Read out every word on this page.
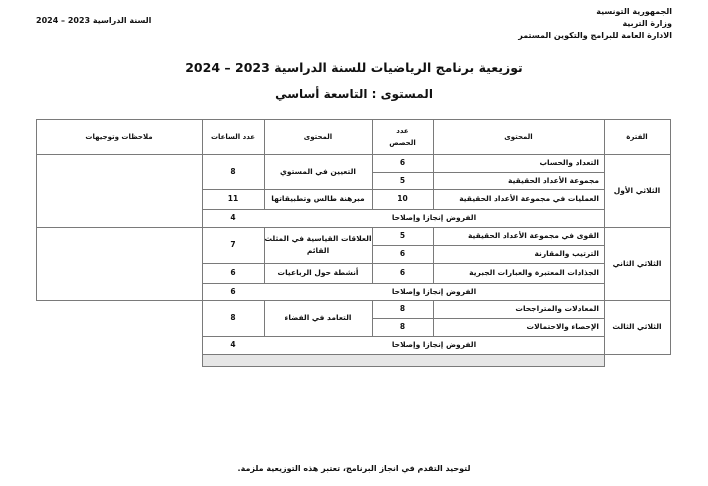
الجمهورية التونسية
وزارة التربية
الادارة العامة للبرامج والتكوين المستمر
السنة الدراسية 2023 – 2024
توزيعية برنامج الرياضيات للسنة الدراسية 2023 – 2024
المستوى : التاسعة أساسي
الفترة
المحتوى
عدد الحصص
المحتوى
عدد الساعات
ملاحظات وتوجيهات
الثلاثي الأول
التعداد والحساب
6
مجموعة الأعداد الحقيقية
5
العمليات في مجموعة الأعداد الحقيقية
10
التعيين في المستوي
8
مبرهنة طالس وتطبيقاتها
11
الفروض إنجازا وإصلاحا
4
الثلاثي الثاني
القوى في مجموعة الأعداد الحقيقية
5
الترتيب والمقارنة
6
الجذادات المعتبرة والعبارات الجبرية
6
العلاقات القياسية في المثلث
القائم
7
أنشطة حول الرباعيات
6
الفروض إنجازا وإصلاحا
6
الثلاثي الثالث
المعادلات والمتراجحات
8
الإحصاء والاحتمالات
8
التعامد في الفضاء
8
الفروض إنجازا وإصلاحا
4
لتوحيد التقدم في انجاز البرنامج، تعتبر هذه التوزيعية ملزمة.
